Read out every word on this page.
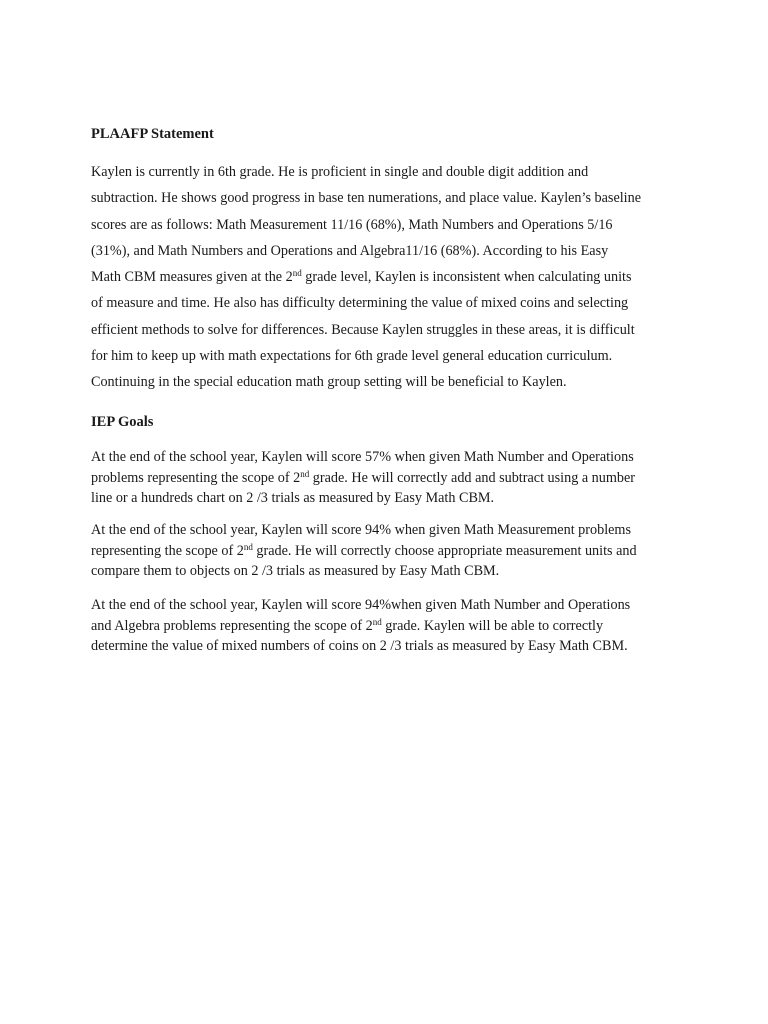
PLAAFP Statement
Kaylen is currently in 6th grade. He is proficient in single and double digit addition and
subtraction. He shows good progress in base ten numerations, and place value. Kaylen’s baseline
scores are as follows: Math Measurement 11/16 (68%), Math Numbers and Operations 5/16
(31%), and Math Numbers and Operations and Algebra11/16 (68%). According to his Easy
Math CBM measures given at the 2nd grade level, Kaylen is inconsistent when calculating units
of measure and time. He also has difficulty determining the value of mixed coins and selecting
efficient methods to solve for differences. Because Kaylen struggles in these areas, it is difficult
for him to keep up with math expectations for 6th grade level general education curriculum.
Continuing in the special education math group setting will be beneficial to Kaylen.
IEP Goals
At the end of the school year, Kaylen will score 57% when given Math Number and Operations
problems representing the scope of 2nd grade. He will correctly add and subtract using a number
line or a hundreds chart on 2 /3 trials as measured by Easy Math CBM.
At the end of the school year, Kaylen will score 94% when given Math Measurement problems
representing the scope of 2nd grade. He will correctly choose appropriate measurement units and
compare them to objects on 2 /3 trials as measured by Easy Math CBM.
At the end of the school year, Kaylen will score 94%when given Math Number and Operations
and Algebra problems representing the scope of 2nd grade. Kaylen will be able to correctly
determine the value of mixed numbers of coins on 2 /3 trials as measured by Easy Math CBM.
